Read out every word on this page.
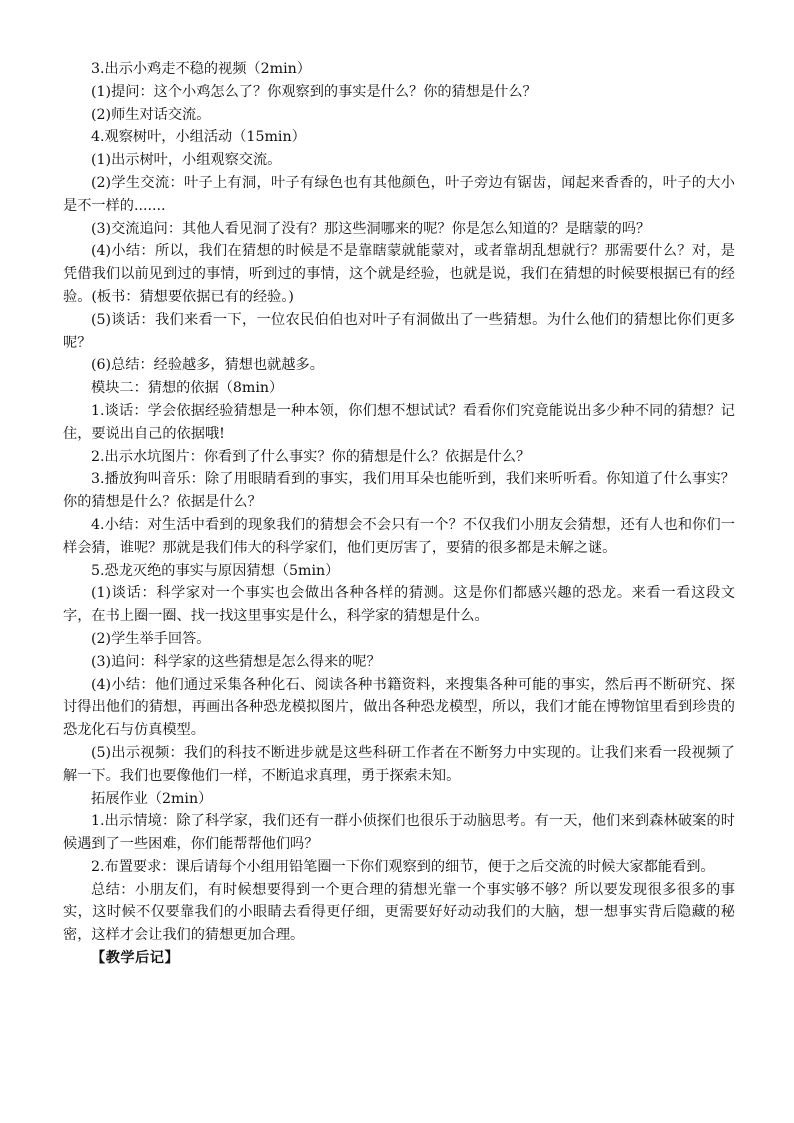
3.出示小鸡走不稳的视频（2min）

(1)提问：这个小鸡怎么了？你观察到的事实是什么？你的猜想是什么？

(2)师生对话交流。

4.观察树叶，小组活动（15min）

(1)出示树叶，小组观察交流。

(2)学生交流：叶子上有洞，叶子有绿色也有其他颜色，叶子旁边有锯齿，闻起来香香的，叶子的大小是不一样的.......

(3)交流追问：其他人看见洞了没有？那这些洞哪来的呢？你是怎么知道的？是瞎蒙的吗？

(4)小结：所以，我们在猜想的时候是不是靠瞎蒙就能蒙对，或者靠胡乱想就行？那需要什么？对，是凭借我们以前见到过的事情，听到过的事情，这个就是经验，也就是说，我们在猜想的时候要根据已有的经验。(板书：猜想要依据已有的经验。)

(5)谈话：我们来看一下，一位农民伯伯也对叶子有洞做出了一些猜想。为什么他们的猜想比你们更多呢？

(6)总结：经验越多，猜想也就越多。

模块二：猜想的依据（8min）

1.谈话：学会依据经验猜想是一种本领，你们想不想试试？看看你们究竟能说出多少种不同的猜想？记住，要说出自己的依据哦!

2.出示水坑图片：你看到了什么事实？你的猜想是什么？依据是什么？

3.播放狗叫音乐：除了用眼睛看到的事实，我们用耳朵也能听到，我们来听听看。你知道了什么事实？你的猜想是什么？依据是什么？

4.小结：对生活中看到的现象我们的猜想会不会只有一个？不仅我们小朋友会猜想，还有人也和你们一样会猜，谁呢？那就是我们伟大的科学家们，他们更厉害了，要猜的很多都是未解之谜。

5.恐龙灭绝的事实与原因猜想（5min）

(1)谈话：科学家对一个事实也会做出各种各样的猜测。这是你们都感兴趣的恐龙。来看一看这段文字，在书上圈一圈、找一找这里事实是什么，科学家的猜想是什么。

(2)学生举手回答。

(3)追问：科学家的这些猜想是怎么得来的呢？

(4)小结：他们通过采集各种化石、阅读各种书籍资料，来搜集各种可能的事实，然后再不断研究、探讨得出他们的猜想，再画出各种恐龙模拟图片，做出各种恐龙模型，所以，我们才能在博物馆里看到珍贵的恐龙化石与仿真模型。

(5)出示视频：我们的科技不断进步就是这些科研工作者在不断努力中实现的。让我们来看一段视频了解一下。我们也要像他们一样，不断追求真理，勇于探索未知。

拓展作业（2min）

1.出示情境：除了科学家，我们还有一群小侦探们也很乐于动脑思考。有一天，他们来到森林破案的时候遇到了一些困难，你们能帮帮他们吗？

2.布置要求：课后请每个小组用铅笔圈一下你们观察到的细节，便于之后交流的时候大家都能看到。

总结：小朋友们，有时候想要得到一个更合理的猜想光靠一个事实够不够？所以要发现很多很多的事实，这时候不仅要靠我们的小眼睛去看得更仔细，更需要好好动动我们的大脑，想一想事实背后隐藏的秘密，这样才会让我们的猜想更加合理。

【教学后记】
